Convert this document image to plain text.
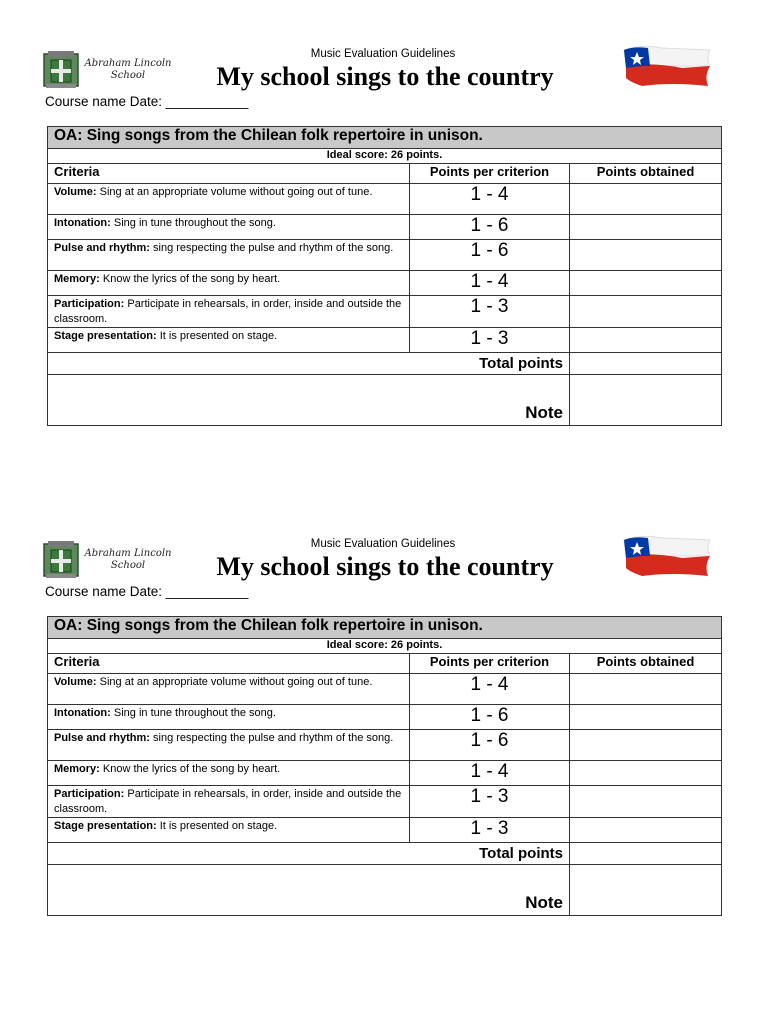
Abraham Lincoln School
Music Evaluation Guidelines
My school sings to the country
Course name Date: ___________
OA: Sing songs from the Chilean folk repertoire in unison.		
Ideal score: 26 points.		
Criteria	Points per criterion	Points obtained
Volume: Sing at an appropriate volume without going out of tune.	1 - 4	
Intonation: Sing in tune throughout the song.	1 - 6	
Pulse and rhythm: sing respecting the pulse and rhythm of the song.	1 - 6	
Memory: Know the lyrics of the song by heart.	1 - 4	
Participation: Participate in rehearsals, in order, inside and outside the classroom.	1 - 3	
Stage presentation: It is presented on stage.	1 - 3	
Total points		
Note		
Abraham Lincoln School
Music Evaluation Guidelines
My school sings to the country
Course name Date: ___________
OA: Sing songs from the Chilean folk repertoire in unison.		
Ideal score: 26 points.		
Criteria	Points per criterion	Points obtained
Volume: Sing at an appropriate volume without going out of tune.	1 - 4	
Intonation: Sing in tune throughout the song.	1 - 6	
Pulse and rhythm: sing respecting the pulse and rhythm of the song.	1 - 6	
Memory: Know the lyrics of the song by heart.	1 - 4	
Participation: Participate in rehearsals, in order, inside and outside the classroom.	1 - 3	
Stage presentation: It is presented on stage.	1 - 3	
Total points		
Note		
